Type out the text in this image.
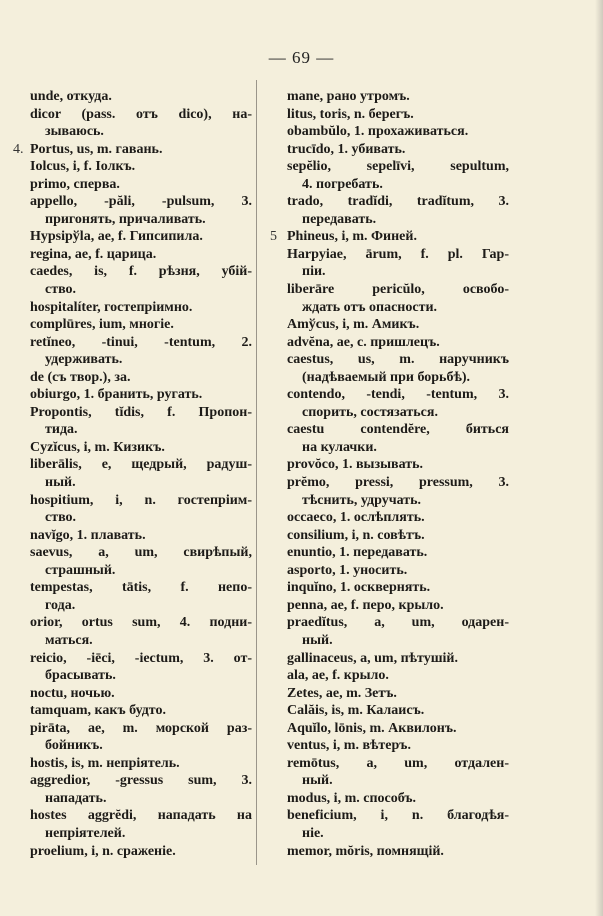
— 69 —
unde, откуда.
dicor (pass. отъ dico), на-
зываюсь.
4. Portus, us, m. гавань.
Iolcus, i, f. Іолкъ.
primo, сперва.
appello, -păli, -pulsum, 3.
пригонять, причаливать.
Hypsipўla, ae, f. Гипсипила.
regina, ae, f. царица.
caedes, is, f. рѣзня, убій-
ство.
hospitalíter, гостепріимно.
complūres, ium, многіе.
retĭneo, -tinui, -tentum, 2.
удерживать.
de (съ твор.), за.
obiurgo, 1. бранить, ругать.
Propontis, tĭdis, f. Пропон-
тида.
Cyzĭcus, i, m. Кизикъ.
liberālis, e, щедрый, радуш-
ный.
hospitium, i, n. гостепріим-
ство.
navĭgo, 1. плавать.
saevus, a, um, свирѣпый,
страшный.
tempestas, tātis, f. непо-
года.
orior, ortus sum, 4. подни-
маться.
reicio, -iēci, -iectum, 3. от-
брасывать.
noctu, ночью.
tamquam, какъ будто.
pirāta, ae, m. морской раз-
бойникъ.
hostis, is, m. непріятель.
aggredior, -gressus sum, 3.
нападать.
hostes aggrĕdi, нападать на
непріятелей.
proelium, i, n. сраженіе.
mane, рано утромъ.
litus, toris, n. берегъ.
obambŭlo, 1. прохаживаться.
trucīdo, 1. убивать.
sepĕlio, sepelīvi, sepultum,
4. погребать.
trado, tradĭdi, tradĭtum, 3.
передавать.
5 Phineus, i, m. Финей.
Harpyiae, ārum, f. pl. Гар-
піи.
liberāre pericŭlo, освобо-
ждать отъ опасности.
Amўcus, i, m. Амикъ.
advĕna, ae, c. пришлецъ.
caestus, us, m. наручникъ
(надѣваемый при борьбѣ).
contendo, -tendi, -tentum, 3.
спорить, состязаться.
caestu contendĕre, биться
на кулачки.
provŏco, 1. вызывать.
prĕmo, pressi, pressum, 3.
тѣснить, удручать.
occaeco, 1. ослѣплять.
consilium, i, n. совѣтъ.
enuntio, 1. передавать.
asporto, 1. уносить.
inquĭno, 1. осквернять.
penna, ae, f. перо, крыло.
praedĭtus, a, um, одарен-
ный.
gallinaceus, a, um, пѣтушій.
ala, ae, f. крыло.
Zetes, ae, m. Зетъ.
Calăis, is, m. Калаисъ.
Aquĭlo, lōnis, m. Аквилонъ.
ventus, i, m. вѣтеръ.
remōtus, a, um, отдален-
ный.
modus, i, m. способъ.
beneficium, i, n. благодѣя-
ніе.
memor, mŏris, помнящій.
